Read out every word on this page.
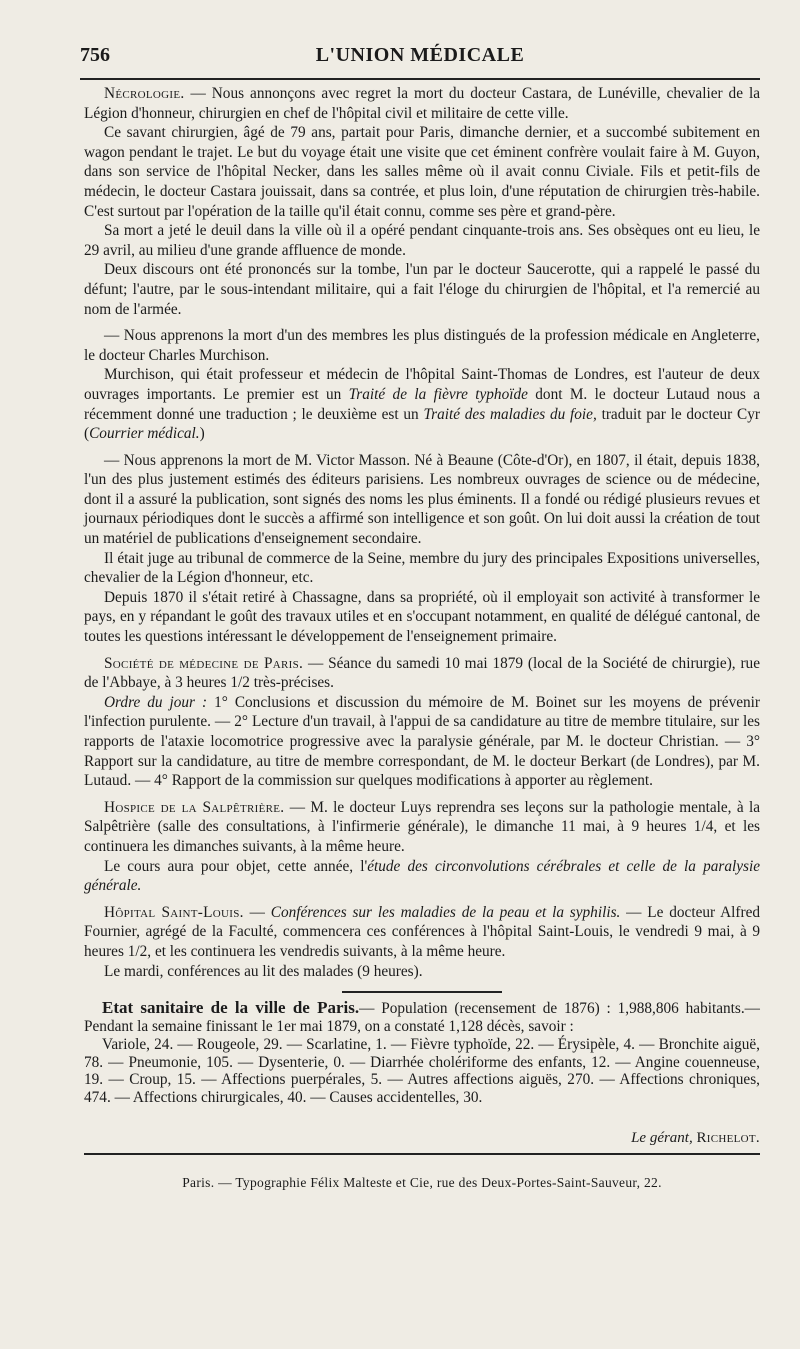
756	L'UNION MÉDICALE

Nécrologie. — Nous annonçons avec regret la mort du docteur Castara, de Lunéville, chevalier de la Légion d'honneur, chirurgien en chef de l'hôpital civil et militaire de cette ville.

Ce savant chirurgien, âgé de 79 ans, partait pour Paris, dimanche dernier, et a succombé subitement en wagon pendant le trajet. Le but du voyage était une visite que cet éminent confrère voulait faire à M. Guyon, dans son service de l'hôpital Necker, dans les salles même où il avait connu Civiale. Fils et petit-fils de médecin, le docteur Castara jouissait, dans sa contrée, et plus loin, d'une réputation de chirurgien très-habile. C'est surtout par l'opération de la taille qu'il était connu, comme ses père et grand-père.

Sa mort a jeté le deuil dans la ville où il a opéré pendant cinquante-trois ans. Ses obsèques ont eu lieu, le 29 avril, au milieu d'une grande affluence de monde.

Deux discours ont été prononcés sur la tombe, l'un par le docteur Saucerotte, qui a rappelé le passé du défunt; l'autre, par le sous-intendant militaire, qui a fait l'éloge du chirurgien de l'hôpital, et l'a remercié au nom de l'armée.

— Nous apprenons la mort d'un des membres les plus distingués de la profession médicale en Angleterre, le docteur Charles Murchison.

Murchison, qui était professeur et médecin de l'hôpital Saint-Thomas de Londres, est l'auteur de deux ouvrages importants. Le premier est un Traité de la fièvre typhoïde dont M. le docteur Lutaud nous a récemment donné une traduction ; le deuxième est un Traité des maladies du foie, traduit par le docteur Cyr (Courrier médical.)

— Nous apprenons la mort de M. Victor Masson. Né à Beaune (Côte-d'Or), en 1807, il était, depuis 1838, l'un des plus justement estimés des éditeurs parisiens. Les nombreux ouvrages de science ou de médecine, dont il a assuré la publication, sont signés des noms les plus éminents. Il a fondé ou rédigé plusieurs revues et journaux périodiques dont le succès a affirmé son intelligence et son goût. On lui doit aussi la création de tout un matériel de publications d'enseignement secondaire.

Il était juge au tribunal de commerce de la Seine, membre du jury des principales Expositions universelles, chevalier de la Légion d'honneur, etc.

Depuis 1870 il s'était retiré à Chassagne, dans sa propriété, où il employait son activité à transformer le pays, en y répandant le goût des travaux utiles et en s'occupant notamment, en qualité de délégué cantonal, de toutes les questions intéressant le développement de l'enseignement primaire.

Société de médecine de Paris. — Séance du samedi 10 mai 1879 (local de la Société de chirurgie), rue de l'Abbaye, à 3 heures 1/2 très-précises.

Ordre du jour : 1° Conclusions et discussion du mémoire de M. Boinet sur les moyens de prévenir l'infection purulente. — 2° Lecture d'un travail, à l'appui de sa candidature au titre de membre titulaire, sur les rapports de l'ataxie locomotrice progressive avec la paralysie générale, par M. le docteur Christian. — 3° Rapport sur la candidature, au titre de membre correspondant, de M. le docteur Berkart (de Londres), par M. Lutaud. — 4° Rapport de la commission sur quelques modifications à apporter au règlement.

Hospice de la Salpêtrière. — M. le docteur Luys reprendra ses leçons sur la pathologie mentale, à la Salpêtrière (salle des consultations, à l'infirmerie générale), le dimanche 11 mai, à 9 heures 1/4, et les continuera les dimanches suivants, à la même heure.

Le cours aura pour objet, cette année, l'étude des circonvolutions cérébrales et celle de la paralysie générale.

Hôpital Saint-Louis. — Conférences sur les maladies de la peau et la syphilis. — Le docteur Alfred Fournier, agrégé de la Faculté, commencera ces conférences à l'hôpital Saint-Louis, le vendredi 9 mai, à 9 heures 1/2, et les continuera les vendredis suivants, à la même heure.

Le mardi, conférences au lit des malades (9 heures).

Etat sanitaire de la ville de Paris.— Population (recensement de 1876) : 1,988,806 habitants.—Pendant la semaine finissant le 1er mai 1879, on a constaté 1,128 décès, savoir :

Variole, 24. — Rougeole, 29. — Scarlatine, 1. — Fièvre typhoïde, 22. — Érysipèle, 4. — Bronchite aiguë, 78. — Pneumonie, 105. — Dysenterie, 0. — Diarrhée cholériforme des enfants, 12. — Angine couenneuse, 19. — Croup, 15. — Affections puerpérales, 5. — Autres affections aiguës, 270. — Affections chroniques, 474. — Affections chirurgicales, 40. — Causes accidentelles, 30.

Le gérant, Richelot.
Paris. — Typographie Félix Malteste et Cie, rue des Deux-Portes-Saint-Sauveur, 22.
